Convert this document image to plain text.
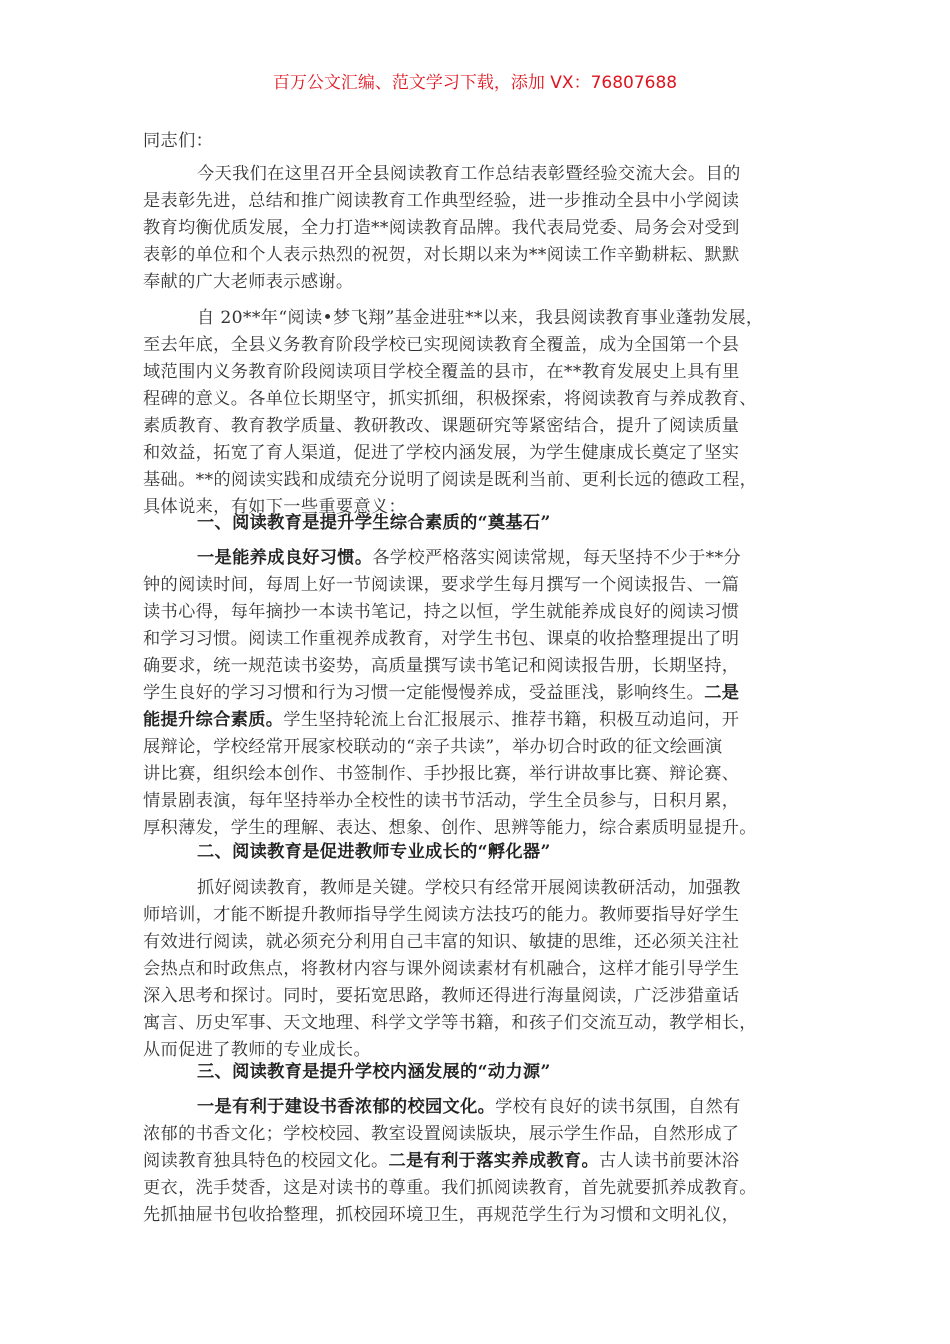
百万公文汇编、范文学习下载，添加 VX：76807688
同志们：
今天我们在这里召开全县阅读教育工作总结表彰暨经验交流大会。目的
是表彰先进，总结和推广阅读教育工作典型经验，进一步推动全县中小学阅读
教育均衡优质发展，全力打造**阅读教育品牌。我代表局党委、局务会对受到
表彰的单位和个人表示热烈的祝贺，对长期以来为**阅读工作辛勤耕耘、默默
奉献的广大老师表示感谢。
自 20**年“阅读•梦飞翔”基金进驻**以来，我县阅读教育事业蓬勃发展，
至去年底，全县义务教育阶段学校已实现阅读教育全覆盖，成为全国第一个县
域范围内义务教育阶段阅读项目学校全覆盖的县市，在**教育发展史上具有里
程碑的意义。各单位长期坚守，抓实抓细，积极探索，将阅读教育与养成教育、
素质教育、教育教学质量、教研教改、课题研究等紧密结合，提升了阅读质量
和效益，拓宽了育人渠道，促进了学校内涵发展，为学生健康成长奠定了坚实
基础。**的阅读实践和成绩充分说明了阅读是既利当前、更利长远的德政工程，
具体说来，有如下一些重要意义：
一、阅读教育是提升学生综合素质的“奠基石”
一是能养成良好习惯。各学校严格落实阅读常规，每天坚持不少于**分
钟的阅读时间，每周上好一节阅读课，要求学生每月撰写一个阅读报告、一篇
读书心得，每年摘抄一本读书笔记，持之以恒，学生就能养成良好的阅读习惯
和学习习惯。阅读工作重视养成教育，对学生书包、课桌的收拾整理提出了明
确要求，统一规范读书姿势，高质量撰写读书笔记和阅读报告册，长期坚持，
学生良好的学习习惯和行为习惯一定能慢慢养成，受益匪浅，影响终生。二是
能提升综合素质。学生坚持轮流上台汇报展示、推荐书籍，积极互动追问，开
展辩论，学校经常开展家校联动的“亲子共读”，举办切合时政的征文绘画演
讲比赛，组织绘本创作、书签制作、手抄报比赛，举行讲故事比赛、辩论赛、
情景剧表演，每年坚持举办全校性的读书节活动，学生全员参与，日积月累，
厚积薄发，学生的理解、表达、想象、创作、思辨等能力，综合素质明显提升。
二、阅读教育是促进教师专业成长的“孵化器”
抓好阅读教育，教师是关键。学校只有经常开展阅读教研活动，加强教
师培训，才能不断提升教师指导学生阅读方法技巧的能力。教师要指导好学生
有效进行阅读，就必须充分利用自己丰富的知识、敏捷的思维，还必须关注社
会热点和时政焦点，将教材内容与课外阅读素材有机融合，这样才能引导学生
深入思考和探讨。同时，要拓宽思路，教师还得进行海量阅读，广泛涉猎童话
寓言、历史军事、天文地理、科学文学等书籍，和孩子们交流互动，教学相长，
从而促进了教师的专业成长。
三、阅读教育是提升学校内涵发展的“动力源”
一是有利于建设书香浓郁的校园文化。学校有良好的读书氛围，自然有
浓郁的书香文化；学校校园、教室设置阅读版块，展示学生作品，自然形成了
阅读教育独具特色的校园文化。二是有利于落实养成教育。古人读书前要沐浴
更衣，洗手焚香，这是对读书的尊重。我们抓阅读教育，首先就要抓养成教育。
先抓抽屉书包收拾整理，抓校园环境卫生，再规范学生行为习惯和文明礼仪，
